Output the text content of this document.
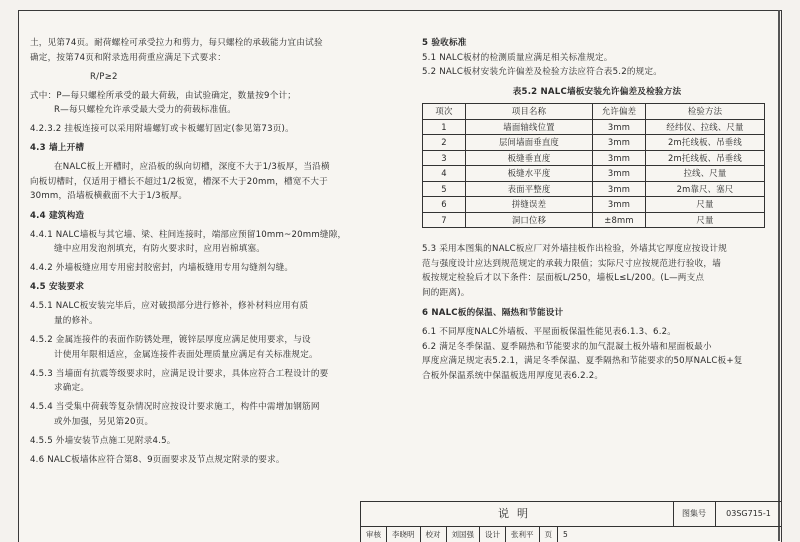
土，见第74页。耐荷螺栓可承受拉力和剪力，每只螺栓的承载能力宜由试验
确定，按第74页和附录选用荷重应满足下式要求：
R/P≥2
式中：P—每只螺栓所承受的最大荷载，由试验确定，数量按9个计；
R—每只螺栓允许承受最大受力的荷载标准值。
4.2.3.2 挂板连接可以采用附墙螺钉或卡板螺钉固定(参见第73页)。
4.3 墙上开槽
在NALC板上开槽时，应沿板的纵向切槽，深度不大于1/3板厚，当沿横
向板切槽时，仅适用于槽长不超过1/2板宽，槽深不大于20mm，槽宽不大于
30mm，沿墙板横截面不大于1/3板厚。
4.4 建筑构造
4.4.1 NALC墙板与其它墙、梁、柱间连接时，端部应预留10mm~20mm缝隙，
缝中应用发泡剂填充，有防火要求时，应用岩棉填塞。
4.4.2 外墙板缝应用专用密封胶密封，内墙板缝用专用勾缝剂勾缝。
4.5 安装要求
4.5.1 NALC板安装完毕后，应对破损部分进行修补，修补材料应用有质
量的修补。
4.5.2 金属连接件的表面作防锈处理，镀锌层厚度应满足使用要求，与设
计使用年限相适应，金属连接件表面处理质量应满足有关标准规定。
4.5.3 当墙面有抗震等级要求时，应满足设计要求，具体应符合工程设计的要
求确定。
4.5.4 当受集中荷载等复杂情况时应按设计要求施工，构件中需增加钢筋网
或外加强，另见第20页。
4.5.5 外墙安装节点施工见附录4.5。
4.6 NALC板墙体应符合第8、9页面要求及节点规定附录的要求。
5 验收标准
5.1 NALC板材的检测质量应满足相关标准规定。
5.2 NALC板材安装允许偏差及检验方法应符合表5.2的规定。
表5.2 NALC墙板安装允许偏差及检验方法
项次	项目名称	允许偏差	检验方法
1	墙面轴线位置	3mm	经纬仪、拉线、尺量
2	层间墙面垂直度	3mm	2m托线板、吊垂线
3	板缝垂直度	3mm	2m托线板、吊垂线
4	板缝水平度	3mm	拉线、尺量
5	表面平整度	3mm	2m靠尺、塞尺
6	拼缝误差	3mm	尺量
7	洞口位移	±8mm	尺量
5.3 采用本图集的NALC板应厂对外墙挂板作出检验，外墙其它厚度应按设计规
范与强度设计应达到规范规定的承载力限值；实际尺寸应按规范进行验收，墙
板按规定检验后才以下条件：层面板L/250，墙板L≤L/200。(L—两支点
间的距离)。
6 NALC板的保温、隔热和节能设计
6.1 不同厚度NALC外墙板、平屋面板保温性能见表6.1.3、6.2。
6.2 满足冬季保温、夏季隔热和节能要求的加气混凝土板外墙和屋面板最小
厚度应满足规定表5.2.1，满足冬季保温、夏季隔热和节能要求的50厚NALC板+复
合板外保温系统中保温板选用厚度见表6.2.2。
说明	图集号	03SG715-1
审核	李晓明	校对	刘国强	设计	张利平	页	5
